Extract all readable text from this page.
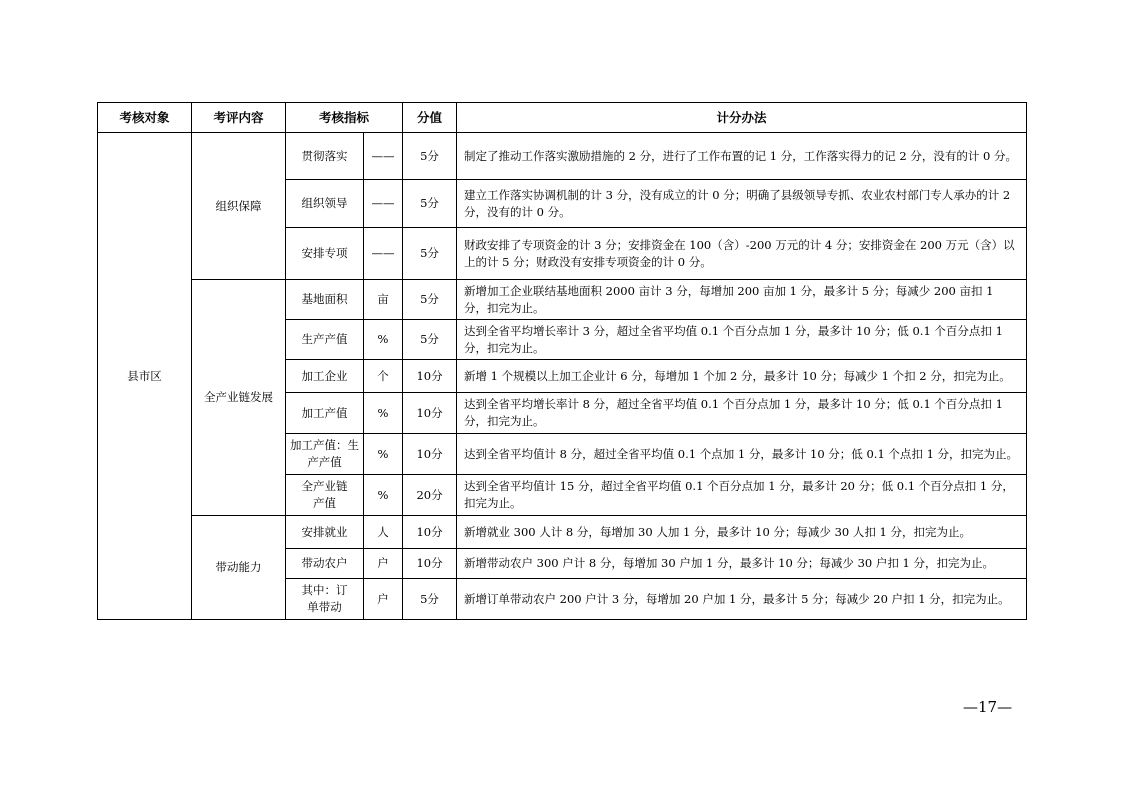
考核对象	考评内容	考核指标		分值	计分办法
县市区	组织保障	贯彻落实	——	5分	制定了推动工作落实激励措施的 2 分，进行了工作布置的记 1 分，工作落实得力的记 2 分，没有的计 0 分。
		组织领导	——	5分	建立工作落实协调机制的计 3 分，没有成立的计 0 分；明确了县级领导专抓、农业农村部门专人承办的计 2 分，没有的计 0 分。
		安排专项	——	5分	财政安排了专项资金的计 3 分；安排资金在 100（含）-200 万元的计 4 分；安排资金在 200 万元（含）以上的计 5 分；财政没有安排专项资金的计 0 分。
	全产业链发展	基地面积	亩	5分	新增加工企业联结基地面积 2000 亩计 3 分，每增加 200 亩加 1 分，最多计 5 分；每减少 200 亩扣 1 分，扣完为止。
		生产产值	%	5分	达到全省平均增长率计 3 分，超过全省平均值 0.1 个百分点加 1 分，最多计 10 分；低 0.1 个百分点扣 1 分，扣完为止。
		加工企业	个	10分	新增 1 个规模以上加工企业计 6 分，每增加 1 个加 2 分，最多计 10 分；每减少 1 个扣 2 分，扣完为止。
		加工产值	%	10分	达到全省平均增长率计 8 分，超过全省平均值 0.1 个百分点加 1 分，最多计 10 分；低 0.1 个百分点扣 1 分，扣完为止。
		加工产值：生产产值	%	10分	达到全省平均值计 8 分，超过全省平均值 0.1 个点加 1 分，最多计 10 分；低 0.1 个点扣 1 分，扣完为止。
		全产业链产值	%	20分	达到全省平均值计 15 分，超过全省平均值 0.1 个百分点加 1 分，最多计 20 分；低 0.1 个百分点扣 1 分，扣完为止。
	带动能力	安排就业	人	10分	新增就业 300 人计 8 分，每增加 30 人加 1 分，最多计 10 分；每减少 30 人扣 1 分，扣完为止。
		带动农户	户	10分	新增带动农户 300 户计 8 分，每增加 30 户加 1 分，最多计 10 分；每减少 30 户扣 1 分，扣完为止。
		其中：订单带动	户	5分	新增订单带动农户 200 户计 3 分，每增加 20 户加 1 分，最多计 5 分；每减少 20 户扣 1 分，扣完为止。
—17—
